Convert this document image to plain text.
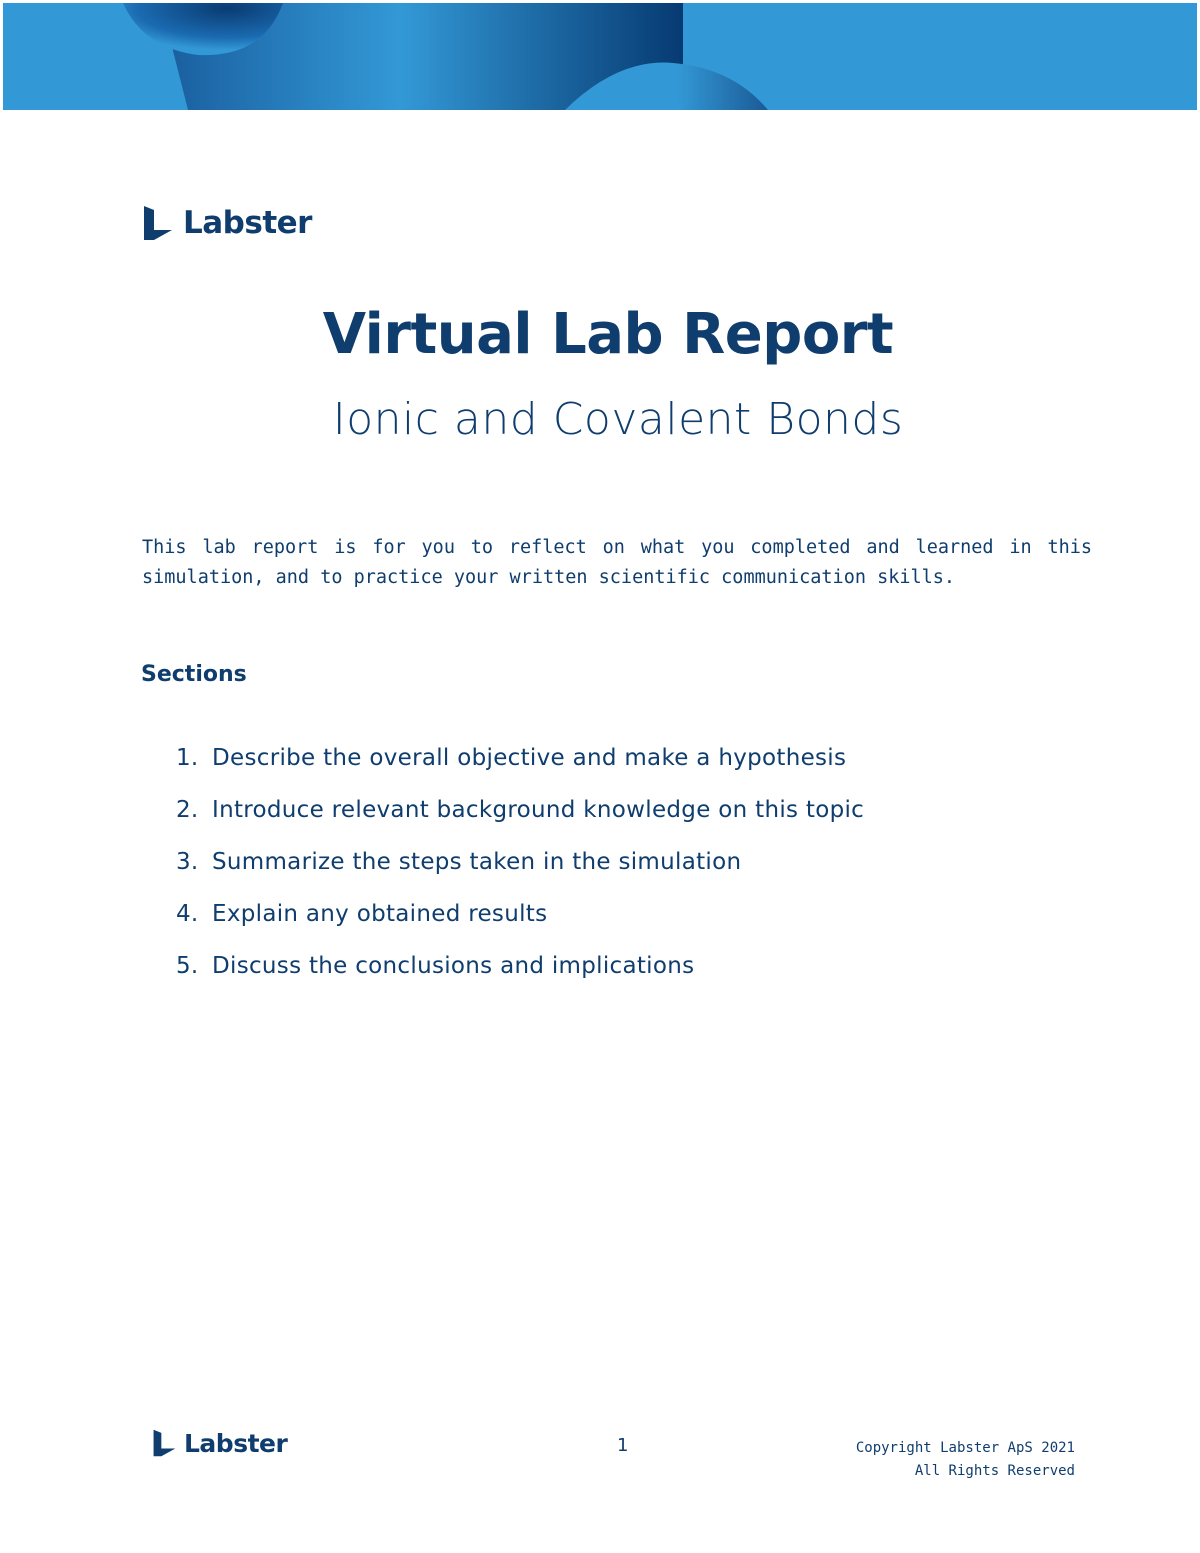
Labster
Virtual Lab Report
Ionic and Covalent Bonds
This lab report is for you to reflect on what you completed and learned in this simulation, and to practice your written scientific communication skills.
Sections
1. Describe the overall objective and make a hypothesis
2. Introduce relevant background knowledge on this topic
3. Summarize the steps taken in the simulation
4. Explain any obtained results
5. Discuss the conclusions and implications
Labster	1	Copyright Labster ApS 2021
All Rights Reserved
